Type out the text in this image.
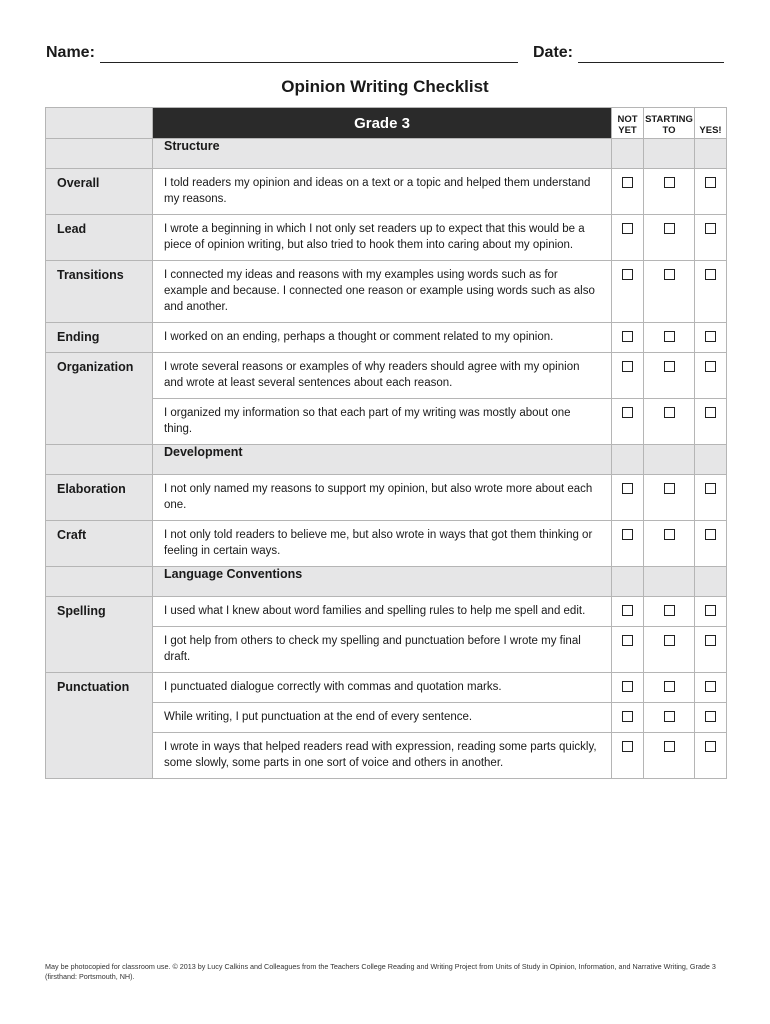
Name:	Date:
Opinion Writing Checklist
	Grade 3	NOT YET	STARTING TO	YES!
	Structure			
Overall	I told readers my opinion and ideas on a text or a topic and helped them understand my reasons.			
Lead	I wrote a beginning in which I not only set readers up to expect that this would be a piece of opinion writing, but also tried to hook them into caring about my opinion.			
Transitions	I connected my ideas and reasons with my examples using words such as for example and because. I connected one reason or example using words such as also and another.			
Ending	I worked on an ending, perhaps a thought or comment related to my opinion.			
Organization	I wrote several reasons or examples of why readers should agree with my opinion and wrote at least several sentences about each reason.			
	I organized my information so that each part of my writing was mostly about one thing.			
	Development			
Elaboration	I not only named my reasons to support my opinion, but also wrote more about each one.			
Craft	I not only told readers to believe me, but also wrote in ways that got them thinking or feeling in certain ways.			
	Language Conventions			
Spelling	I used what I knew about word families and spelling rules to help me spell and edit.			
	I got help from others to check my spelling and punctuation before I wrote my final draft.			
Punctuation	I punctuated dialogue correctly with commas and quotation marks.			
	While writing, I put punctuation at the end of every sentence.			
	I wrote in ways that helped readers read with expression, reading some parts quickly, some slowly, some parts in one sort of voice and others in another.			
May be photocopied for classroom use. © 2013 by Lucy Calkins and Colleagues from the Teachers College Reading and Writing Project from Units of Study in Opinion, Information, and Narrative Writing, Grade 3 (firsthand: Portsmouth, NH).
